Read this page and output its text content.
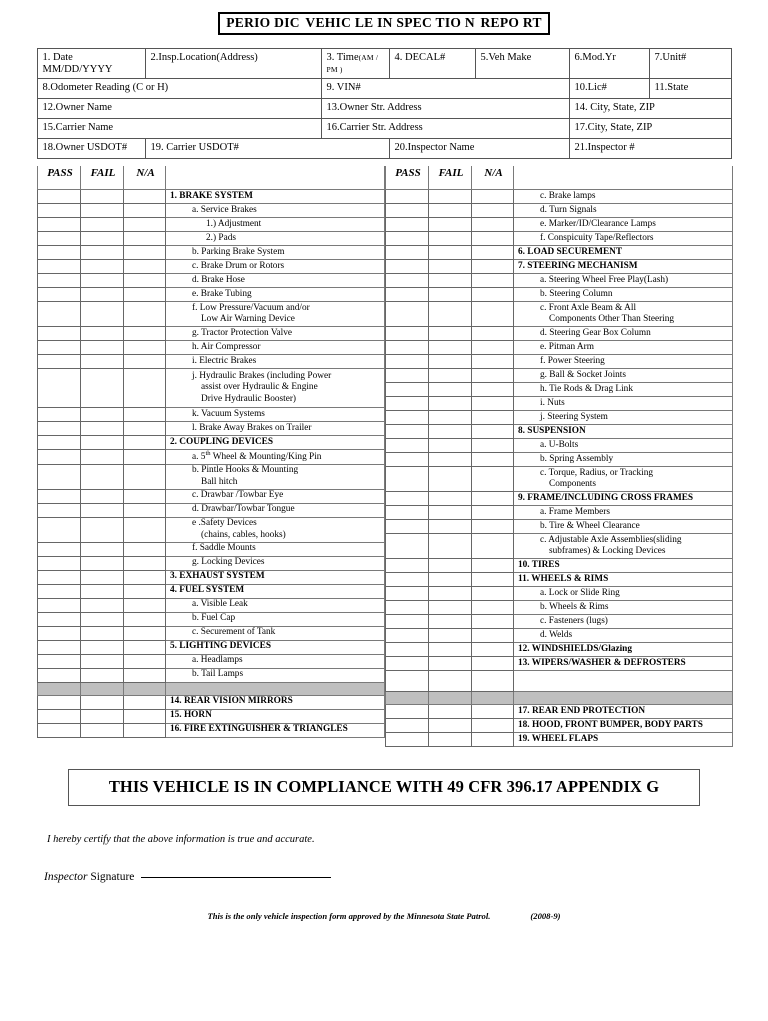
PERIO DIC VEHIC LE IN SPEC TIO N REPO RT
1. Date MM/DD/YYYY	2.Insp.Location(Address)	3. Time(AM / PM )	4. DECAL#	5.Veh Make	6.Mod.Yr	7.Unit#
8.Odometer Reading (C or H)		9. VIN#			10.Lic#	11.State
12.Owner Name		13.Owner Str. Address			14. City, State, ZIP	
15.Carrier Name		16.Carrier Str. Address			17.City, State, ZIP	
18.Owner USDOT#	19. Carrier USDOT#		20.Inspector Name		21.Inspector #	
PASS	FAIL	N/A	
			1. BRAKE SYSTEM
			a. Service Brakes
			1.) Adjustment
			2.) Pads
			b. Parking Brake System
			c. Brake Drum or Rotors
			d. Brake Hose
			e. Brake Tubing
			f. Low Pressure/Vacuum and/or
Low Air Warning Device
			g. Tractor Protection Valve
			h. Air Compressor
			i. Electric Brakes
			j. Hydraulic Brakes (including Power
assist over Hydraulic & Engine
Drive Hydraulic Booster)
			k. Vacuum Systems
			l. Brake Away Brakes on Trailer
			2. COUPLING DEVICES
			a. 5th Wheel & Mounting/King Pin
			b. Pintle Hooks & Mounting
Ball hitch
			c. Drawbar /Towbar Eye
			d. Drawbar/Towbar Tongue
			e .Safety Devices
(chains, cables, hooks)
			f. Saddle Mounts
			g. Locking Devices
			3. EXHAUST SYSTEM
			4. FUEL SYSTEM
			a. Visible Leak
			b. Fuel Cap
			c. Securement of Tank
			5. LIGHTING DEVICES
			a. Headlamps
			b. Tail Lamps

			14. REAR VISION MIRRORS
			15. HORN
			16. FIRE EXTINGUISHER & TRIANGLES
PASS	FAIL	N/A	
			c. Brake lamps
			d. Turn Signals
			e. Marker/ID/Clearance Lamps
			f. Conspicuity Tape/Reflectors
			6. LOAD SECUREMENT
			7. STEERING MECHANISM
			a. Steering Wheel Free Play(Lash)
			b. Steering Column
			c. Front Axle Beam & All
Components Other Than Steering
			d. Steering Gear Box Column
			e. Pitman Arm
			f. Power Steering
			g. Ball & Socket Joints
			h. Tie Rods & Drag Link
			i. Nuts
			j. Steering System
			8. SUSPENSION
			a. U-Bolts
			b. Spring Assembly
			c. Torque, Radius, or Tracking
Components
			9. FRAME/INCLUDING CROSS FRAMES
			a. Frame Members
			b. Tire & Wheel Clearance
			c. Adjustable Axle Assemblies(sliding
subframes) & Locking Devices
			10. TIRES
			11. WHEELS & RIMS
			a. Lock or Slide Ring
			b. Wheels & Rims
			c. Fasteners (lugs)
			d. Welds
			12. WINDSHIELDS/Glazing
			13. WIPERS/WASHER & DEFROSTERS

			17. REAR END PROTECTION
			18. HOOD, FRONT BUMPER, BODY PARTS
			19. WHEEL FLAPS
THIS VEHICLE IS IN COMPLIANCE WITH 49 CFR 396.17 APPENDIX G
I hereby certify that the above information is true and accurate.
Inspector Signature
This is the only vehicle inspection form approved by the Minnesota State Patrol.	(2008-9)
